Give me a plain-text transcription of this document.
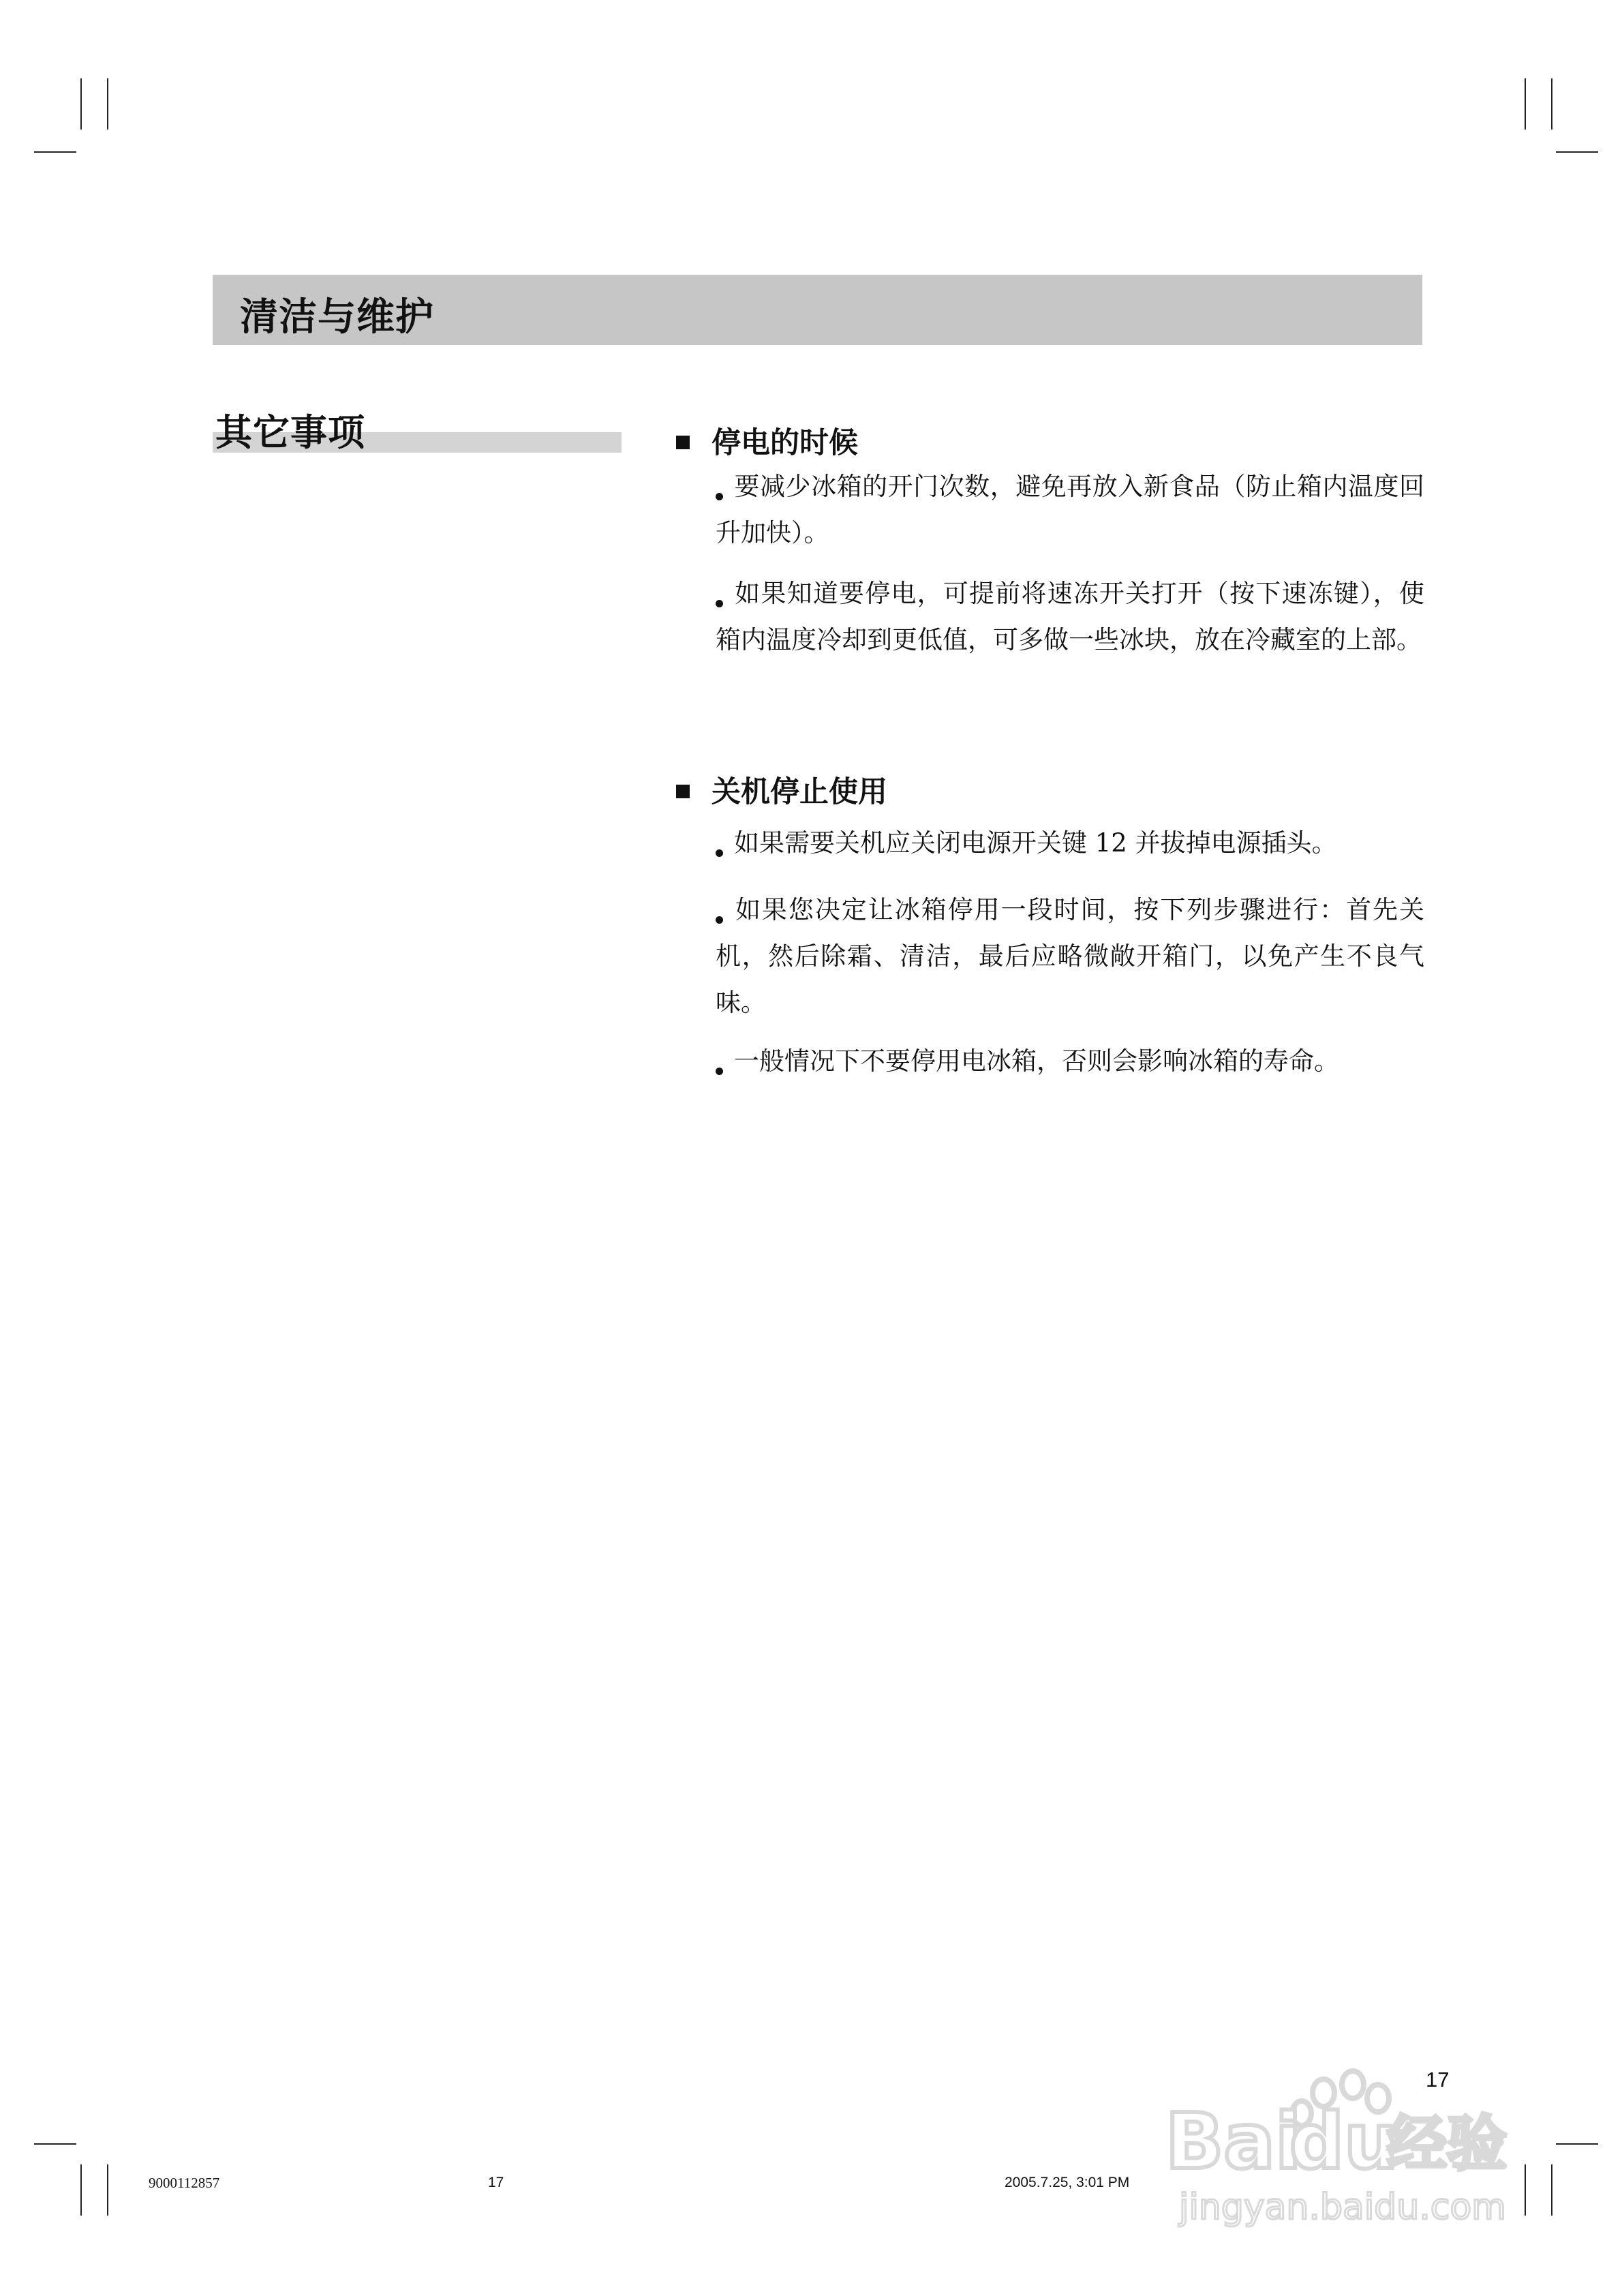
清洁与维护
其它事项	停电的时候
要减少冰箱的开门次数，避免再放入新食品（防止箱内温度回升加快）。
如果知道要停电，可提前将速冻开关打开（按下速冻键），使箱内温度冷却到更低值，可多做一些冰块，放在冷藏室的上部。
关机停止使用
如果需要关机应关闭电源开关键 12 并拔掉电源插头。
如果您决定让冰箱停用一段时间，按下列步骤进行：首先关机，然后除霜、清洁，最后应略微敞开箱门，以免产生不良气味。
一般情况下不要停用电冰箱，否则会影响冰箱的寿命。
17
9000112857	17	2005.7.25, 3:01 PM Bai
du
经验
jingyan.baidu.com
